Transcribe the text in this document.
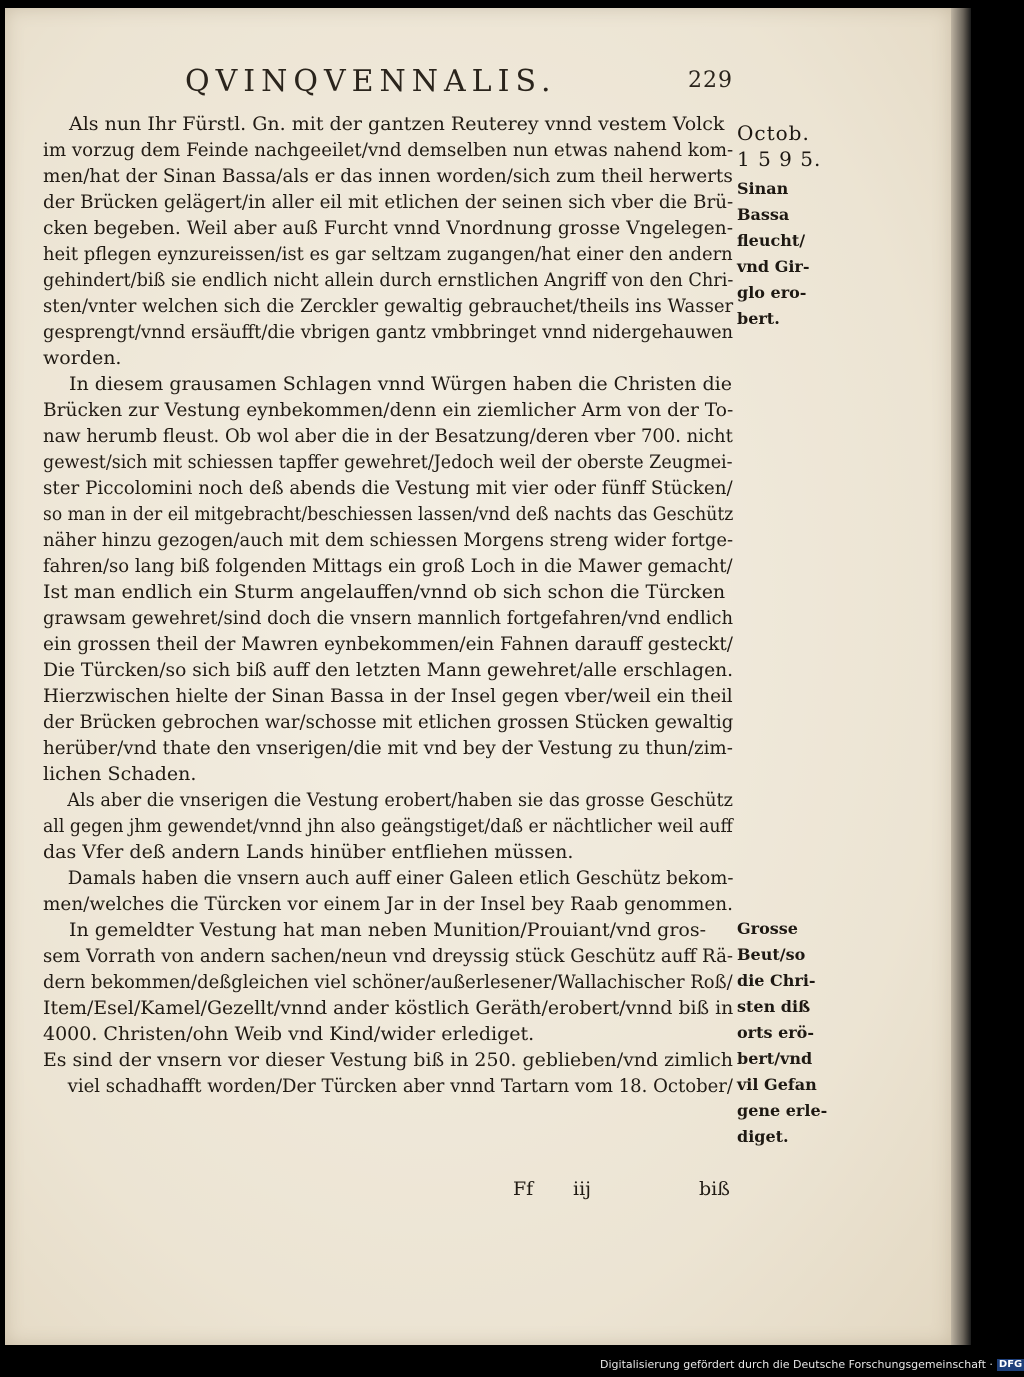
QVINQVENNALIS.	229
Als nun Ihr Fürstl. Gn. mit der gantzen Reuterey vnnd vestem Volck
im vorzug dem Feinde nachgeeilet/vnd demselben nun etwas nahend kom-
men/hat der Sinan Bassa/als er das innen worden/sich zum theil herwerts
der Brücken gelägert/in aller eil mit etlichen der seinen sich vber die Brü-
cken begeben. Weil aber auß Furcht vnnd Vnordnung grosse Vngelegen-
heit pflegen eynzureissen/ist es gar seltzam zugangen/hat einer den andern
gehindert/biß sie endlich nicht allein durch ernstlichen Angriff von den Chri-
sten/vnter welchen sich die Zerckler gewaltig gebrauchet/theils ins Wasser
gesprengt/vnnd ersäufft/die vbrigen gantz vmbbringet vnnd nidergehauwen
worden.
In diesem grausamen Schlagen vnnd Würgen haben die Christen die
Brücken zur Vestung eynbekommen/denn ein ziemlicher Arm von der To-
naw herumb fleust. Ob wol aber die in der Besatzung/deren vber 700. nicht
gewest/sich mit schiessen tapffer gewehret/Jedoch weil der oberste Zeugmei-
ster Piccolomini noch deß abends die Vestung mit vier oder fünff Stücken/
so man in der eil mitgebracht/beschiessen lassen/vnd deß nachts das Geschütz
näher hinzu gezogen/auch mit dem schiessen Morgens streng wider fortge-
fahren/so lang biß folgenden Mittags ein groß Loch in die Mawer gemacht/
Ist man endlich ein Sturm angelauffen/vnnd ob sich schon die Türcken
grawsam gewehret/sind doch die vnsern mannlich fortgefahren/vnd endlich
ein grossen theil der Mawren eynbekommen/ein Fahnen darauff gesteckt/
Die Türcken/so sich biß auff den letzten Mann gewehret/alle erschlagen.
Hierzwischen hielte der Sinan Bassa in der Insel gegen vber/weil ein theil
der Brücken gebrochen war/schosse mit etlichen grossen Stücken gewaltig
herüber/vnd thate den vnserigen/die mit vnd bey der Vestung zu thun/zim-
lichen Schaden.
Als aber die vnserigen die Vestung erobert/haben sie das grosse Geschütz
all gegen jhm gewendet/vnnd jhn also geängstiget/daß er nächtlicher weil auff
das Vfer deß andern Lands hinüber entfliehen müssen.
Damals haben die vnsern auch auff einer Galeen etlich Geschütz bekom-
men/welches die Türcken vor einem Jar in der Insel bey Raab genommen.
In gemeldter Vestung hat man neben Munition/Prouiant/vnd gros-
sem Vorrath von andern sachen/neun vnd dreyssig stück Geschütz auff Rä-
dern bekommen/deßgleichen viel schöner/außerlesener/Wallachischer Roß/
Item/Esel/Kamel/Gezellt/vnnd ander köstlich Geräth/erobert/vnnd biß in
4000. Christen/ohn Weib vnd Kind/wider erlediget.
Es sind der vnsern vor dieser Vestung biß in 250. geblieben/vnd zimlich
viel schadhafft worden/Der Türcken aber vnnd Tartarn vom 18. October/
Octob.
1 5 9 5.
Sinan
Bassa
fleucht/
vnd Gir-
glo ero-
bert.
Grosse
Beut/so
die Chri-
sten diß
orts erö-
bert/vnd
vil Gefan
gene erle-
diget.
Ff iij	biß
Digitalisierung gefördert durch die Deutsche Forschungsgemeinschaft · DFG
